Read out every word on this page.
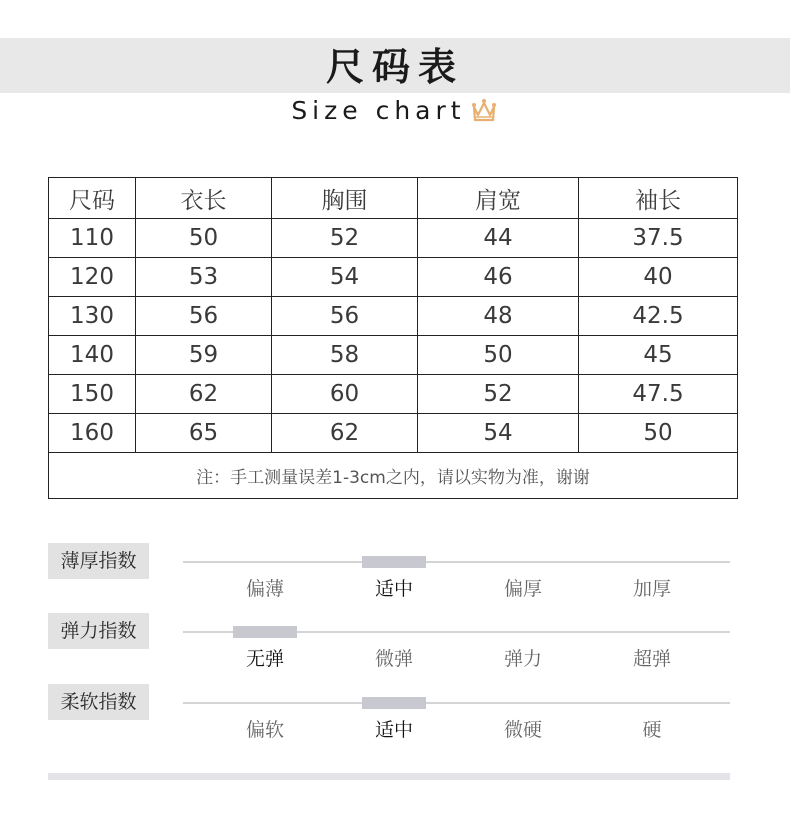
尺码表
Size chart
尺码	衣长	胸围	肩宽	袖长
110	50	52	44	37.5
120	53	54	46	40
130	56	56	48	42.5
140	59	58	50	45
150	62	60	52	47.5
160	65	62	54	50
注：手工测量误差1-3cm之内，请以实物为准，谢谢				
薄厚指数
偏薄	适中	偏厚	加厚
弹力指数
无弹	微弹	弹力	超弹
柔软指数
偏软	适中	微硬	硬
